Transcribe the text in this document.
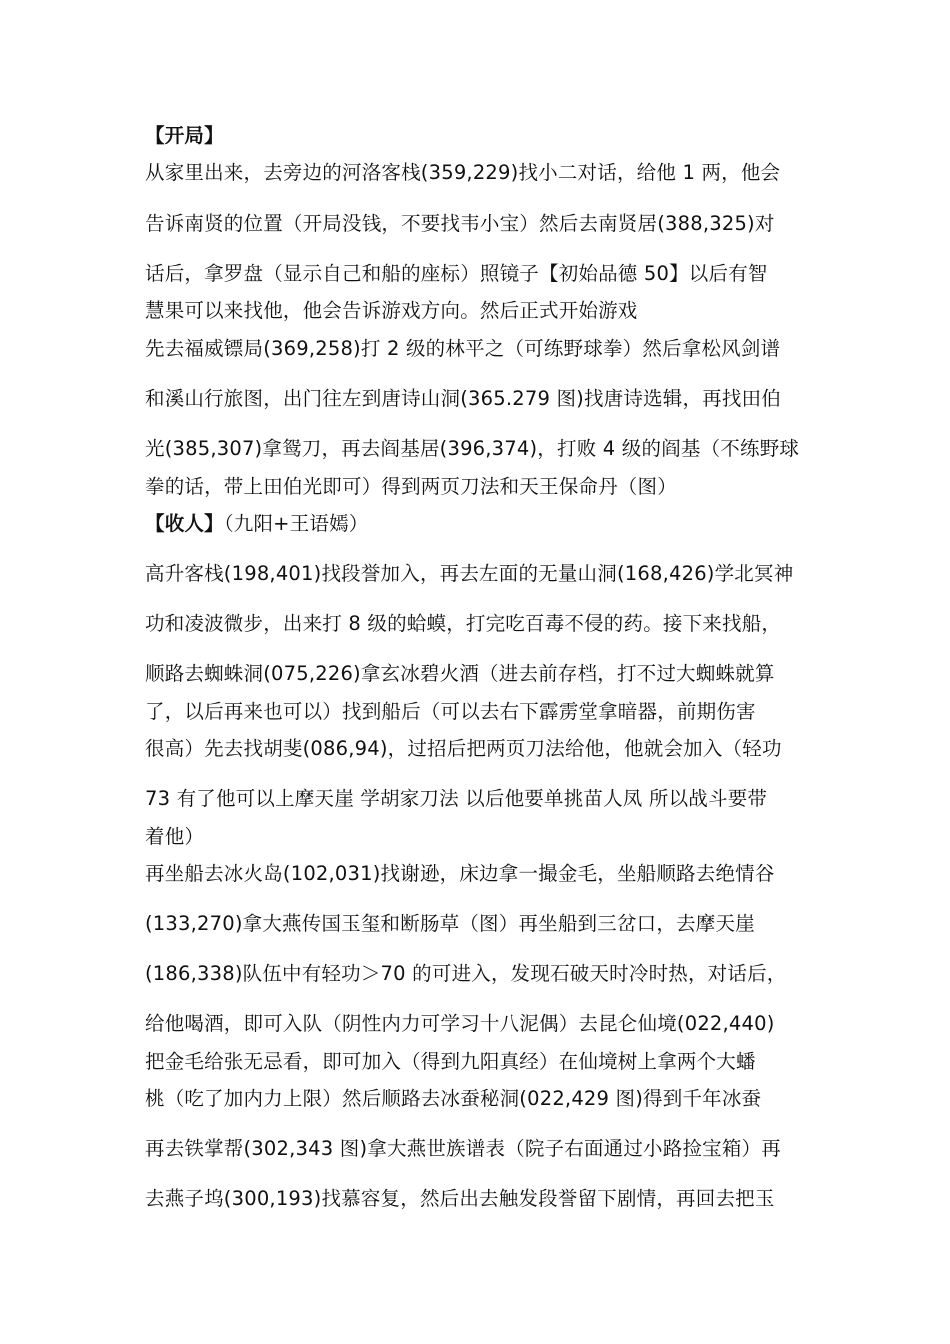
【开局】
从家里出来，去旁边的河洛客栈(359,229)找小二对话，给他 1 两，他会
告诉南贤的位置（开局没钱，不要找韦小宝）然后去南贤居(388,325)对
话后，拿罗盘（显示自己和船的座标）照镜子【初始品德 50】以后有智
慧果可以来找他，他会告诉游戏方向。然后正式开始游戏
先去福威镖局(369,258)打 2 级的林平之（可练野球拳）然后拿松风剑谱
和溪山行旅图，出门往左到唐诗山洞(365.279 图)找唐诗选辑，再找田伯
光(385,307)拿鸳刀，再去阎基居(396,374)，打败 4 级的阎基（不练野球
拳的话，带上田伯光即可）得到两页刀法和天王保命丹（图）
【收人】（九阳+王语嫣）
高升客栈(198,401)找段誉加入，再去左面的无量山洞(168,426)学北冥神
功和凌波微步，出来打 8 级的蛤蟆，打完吃百毒不侵的药。接下来找船，
顺路去蜘蛛洞(075,226)拿玄冰碧火酒（进去前存档，打不过大蜘蛛就算
了，以后再来也可以）找到船后（可以去右下霹雳堂拿暗器，前期伤害
很高）先去找胡斐(086,94)，过招后把两页刀法给他，他就会加入（轻功
73 有了他可以上摩天崖 学胡家刀法 以后他要单挑苗人凤 所以战斗要带
着他）
再坐船去冰火岛(102,031)找谢逊，床边拿一撮金毛，坐船顺路去绝情谷
(133,270)拿大燕传国玉玺和断肠草（图）再坐船到三岔口，去摩天崖
(186,338)队伍中有轻功＞70 的可进入，发现石破天时冷时热，对话后，
给他喝酒，即可入队（阴性内力可学习十八泥偶）去昆仑仙境(022,440)
把金毛给张无忌看，即可加入（得到九阳真经）在仙境树上拿两个大蟠
桃（吃了加内力上限）然后顺路去冰蚕秘洞(022,429 图)得到千年冰蚕
再去铁掌帮(302,343 图)拿大燕世族谱表（院子右面通过小路捡宝箱）再
去燕子坞(300,193)找慕容复，然后出去触发段誉留下剧情，再回去把玉
